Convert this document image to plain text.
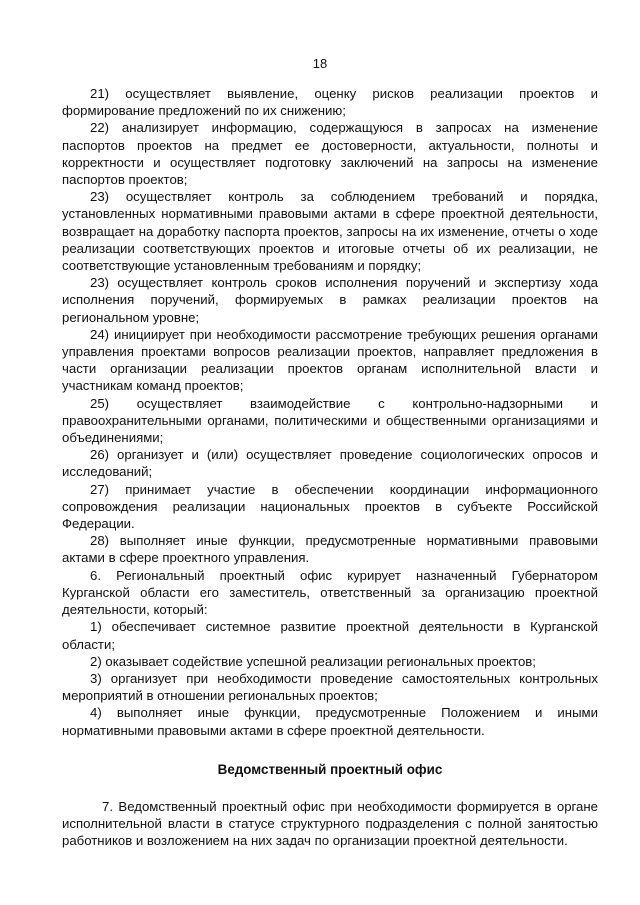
18

21) осуществляет выявление, оценку рисков реализации проектов и формирование предложений по их снижению;

22) анализирует информацию, содержащуюся в запросах на изменение паспортов проектов на предмет ее достоверности, актуальности, полноты и корректности и осуществляет подготовку заключений на запросы на изменение паспортов проектов;

23) осуществляет контроль за соблюдением требований и порядка, установленных нормативными правовыми актами в сфере проектной деятельности, возвращает на доработку паспорта проектов, запросы на их изменение, отчеты о ходе реализации соответствующих проектов и итоговые отчеты об их реализации, не соответствующие установленным требованиям и порядку;

23) осуществляет контроль сроков исполнения поручений и экспертизу хода исполнения поручений, формируемых в рамках реализации проектов на региональном уровне;

24) инициирует при необходимости рассмотрение требующих решения органами управления проектами вопросов реализации проектов, направляет предложения в части организации реализации проектов органам исполнительной власти и участникам команд проектов;

25) осуществляет взаимодействие с контрольно-надзорными и правоохранительными органами, политическими и общественными организациями и объединениями;

26) организует и (или) осуществляет проведение социологических опросов и исследований;

27) принимает участие в обеспечении координации информационного сопровождения реализации национальных проектов в субъекте Российской Федерации.

28) выполняет иные функции, предусмотренные нормативными правовыми актами в сфере проектного управления.

6. Региональный проектный офис курирует назначенный Губернатором Курганской области его заместитель, ответственный за организацию проектной деятельности, который:

1) обеспечивает системное развитие проектной деятельности в Курганской области;

2) оказывает содействие успешной реализации региональных проектов;

3) организует при необходимости проведение самостоятельных контрольных мероприятий в отношении региональных проектов;

4) выполняет иные функции, предусмотренные Положением и иными нормативными правовыми актами в сфере проектной деятельности.

Ведомственный проектный офис

7. Ведомственный проектный офис при необходимости формируется в органе исполнительной власти в статусе структурного подразделения с полной занятостью работников и возложением на них задач по организации проектной деятельности.
